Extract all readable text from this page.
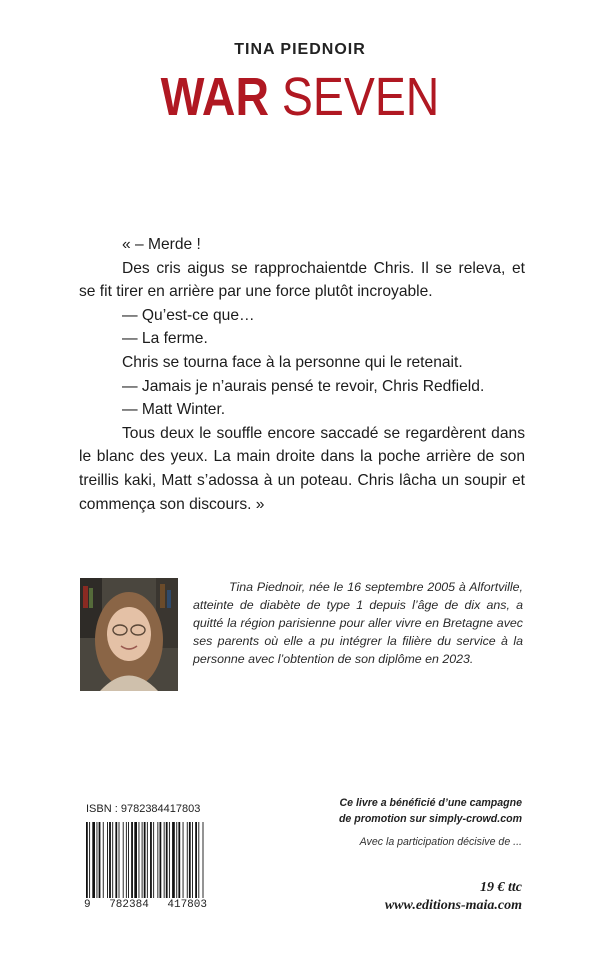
TINA PIEDNOIR
WAR SEVEN

« – Merde !

Des cris aigus se rapprochaientde Chris. Il se releva, et se fit tirer en arrière par une force plutôt incroyable.

— Qu’est-ce que…

— La ferme.

Chris se tourna face à la personne qui le retenait.

— Jamais je n’aurais pensé te revoir, Chris Redfield.

— Matt Winter.

Tous deux le souffle encore saccadé se regardèrent dans le blanc des yeux. La main droite dans la poche arrière de son treillis kaki, Matt s’adossa à un poteau. Chris lâcha un soupir et commença son discours. »

Tina Piednoir, née le 16 septembre 2005 à Alfortville, atteinte de diabète de type 1 depuis l’âge de dix ans, a quitté la région parisienne pour aller vivre en Bretagne avec ses parents où elle a pu intégrer la filière du service à la personne avec l’obtention de son diplôme en 2023.

ISBN : 9782384417803
9 782384 417803
Ce livre a bénéficié d’une campagne
de promotion sur simply-crowd.com
Avec la participation décisive de ...
19 € ttc
www.editions-maia.com
